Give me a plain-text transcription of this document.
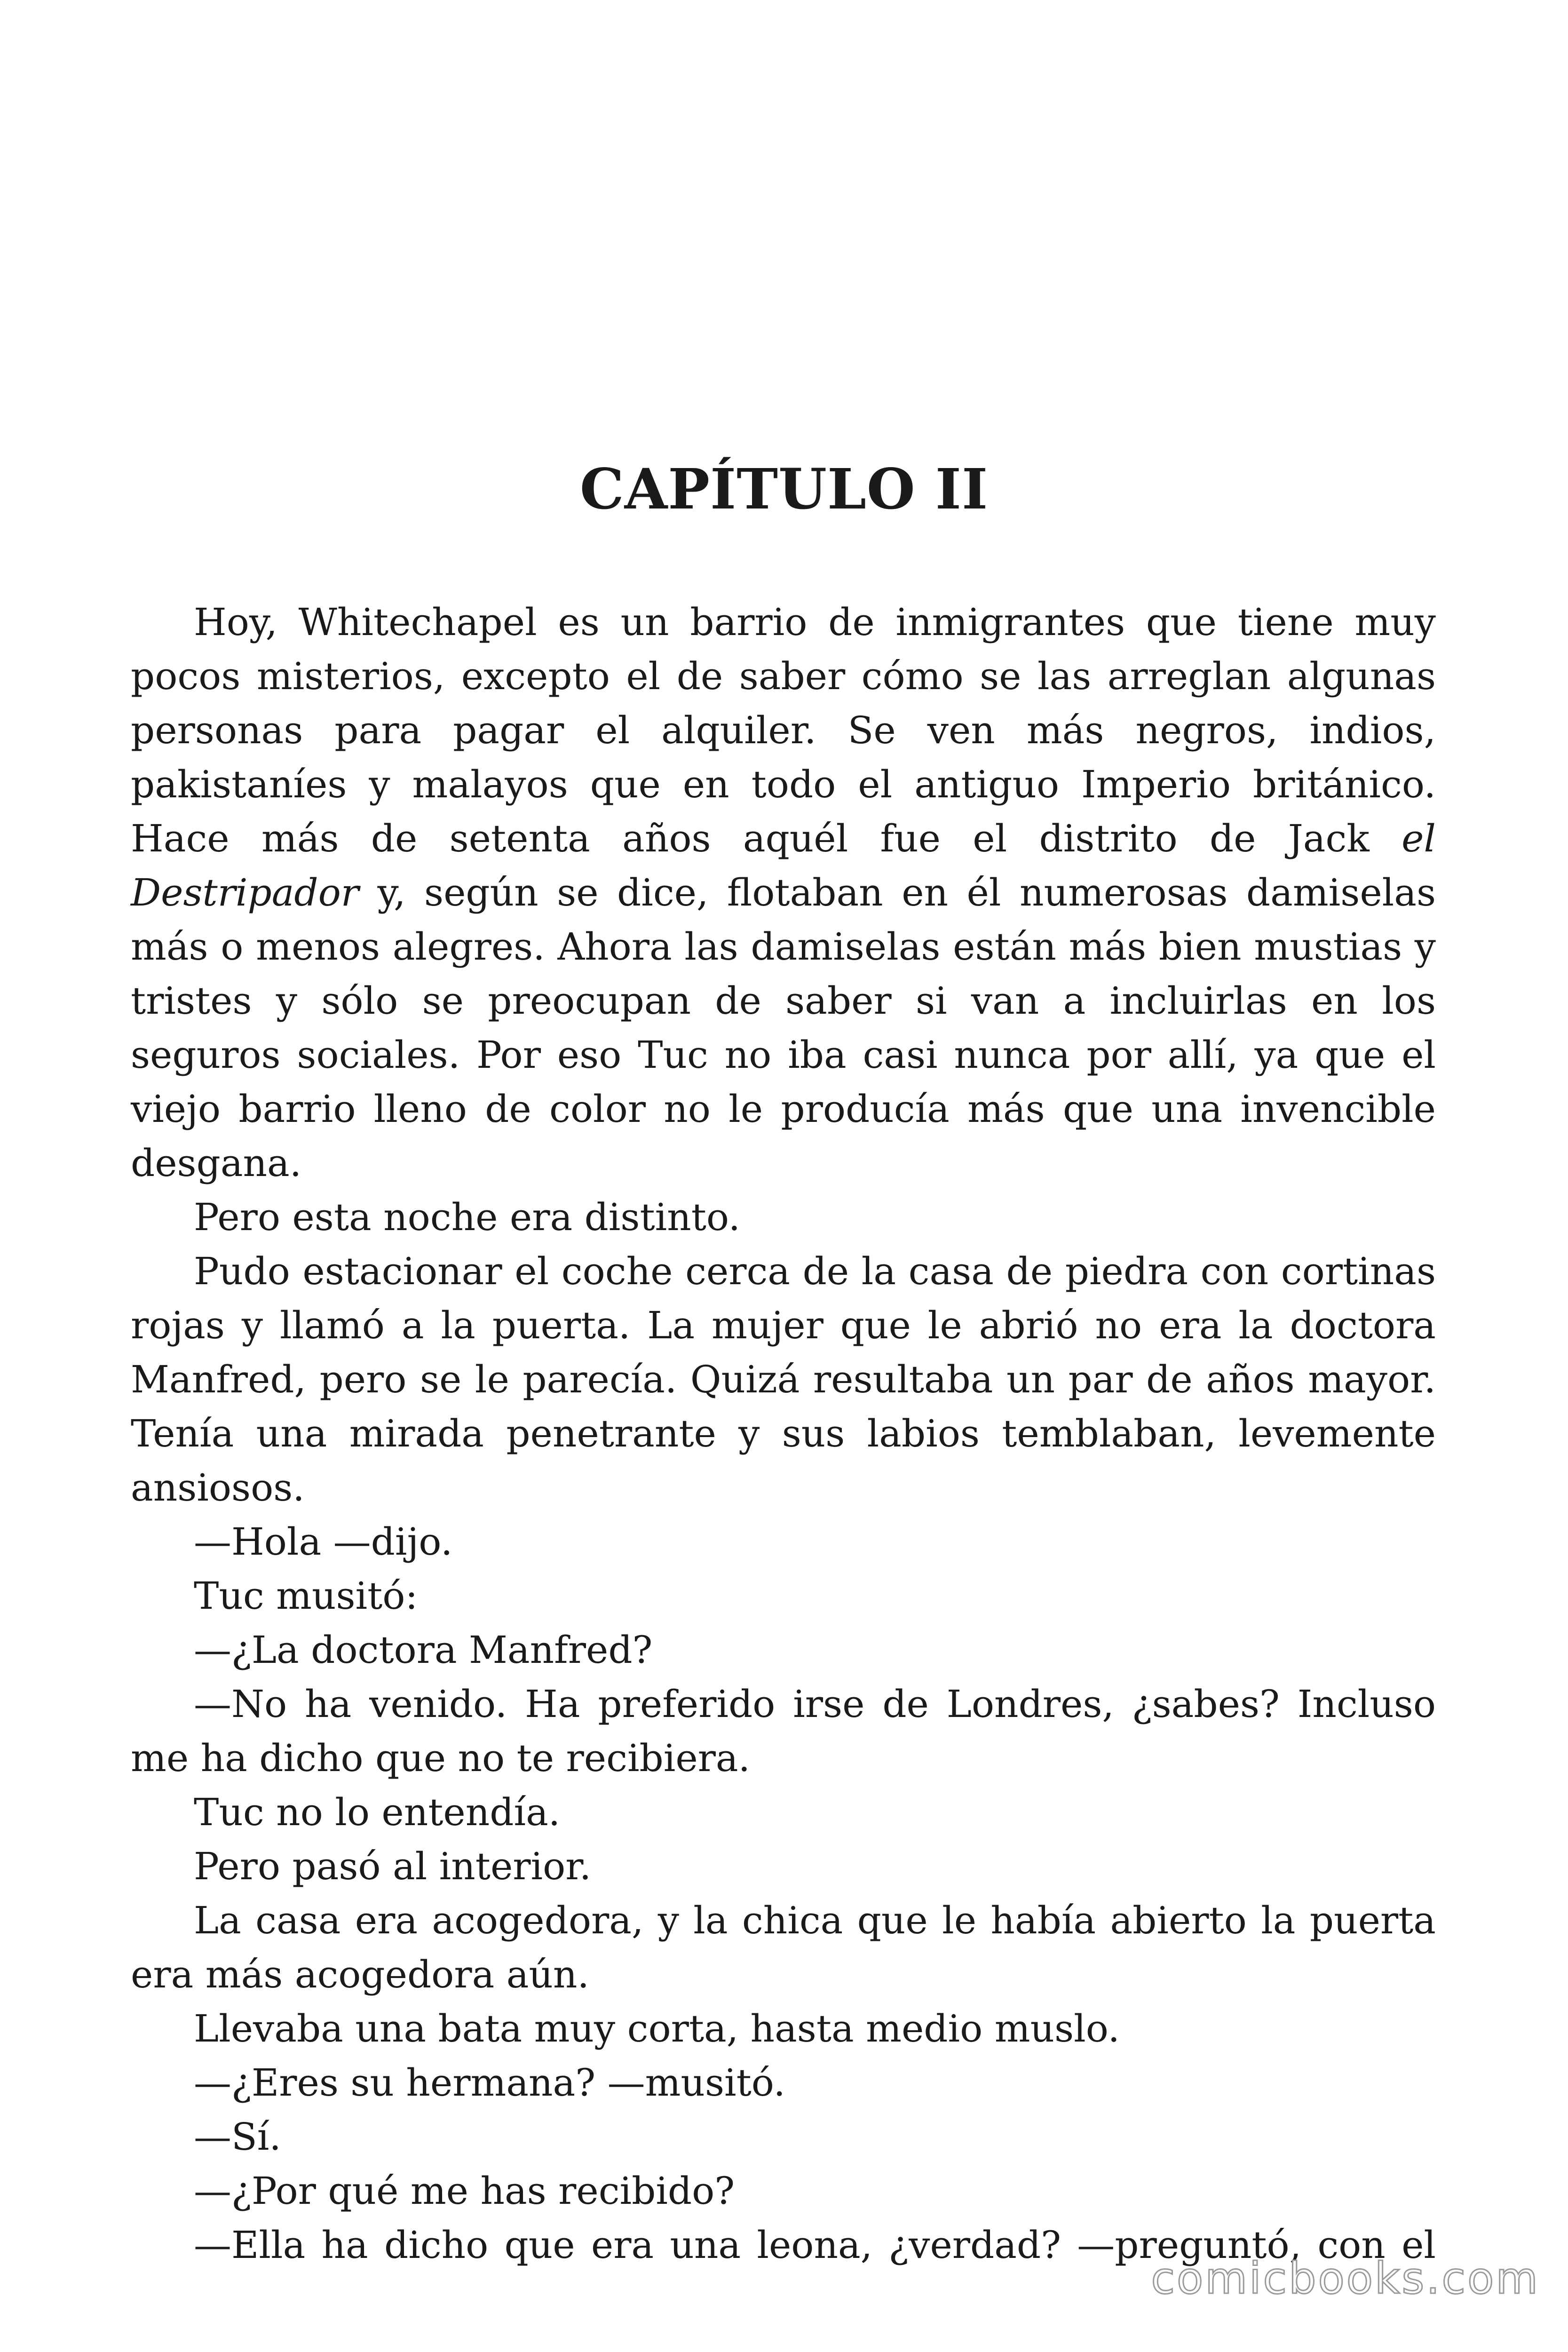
CAPÍTULO II

Hoy, Whitechapel es un barrio de inmigrantes que tiene muy pocos misterios, excepto el de saber cómo se las arreglan algunas personas para pagar el alquiler. Se ven más negros, indios, pakistaníes y malayos que en todo el antiguo Imperio británico. Hace más de setenta años aquél fue el distrito de Jack el Destripador y, según se dice, flotaban en él numerosas damiselas más o menos alegres. Ahora las damiselas están más bien mustias y tristes y sólo se preocupan de saber si van a incluirlas en los seguros sociales. Por eso Tuc no iba casi nunca por allí, ya que el viejo barrio lleno de color no le producía más que una invencible desgana.

Pero esta noche era distinto.

Pudo estacionar el coche cerca de la casa de piedra con cortinas rojas y llamó a la puerta. La mujer que le abrió no era la doctora Manfred, pero se le parecía. Quizá resultaba un par de años mayor. Tenía una mirada penetrante y sus labios temblaban, levemente ansiosos.

—Hola —dijo.

Tuc musitó:

—¿La doctora Manfred?

—No ha venido. Ha preferido irse de Londres, ¿sabes? Incluso me ha dicho que no te recibiera.

Tuc no lo entendía.

Pero pasó al interior.

La casa era acogedora, y la chica que le había abierto la puerta era más acogedora aún.

Llevaba una bata muy corta, hasta medio muslo.

—¿Eres su hermana? —musitó.

—Sí.

—¿Por qué me has recibido?

—Ella ha dicho que era una leona, ¿verdad? —preguntó, con el

comicbooks.com
